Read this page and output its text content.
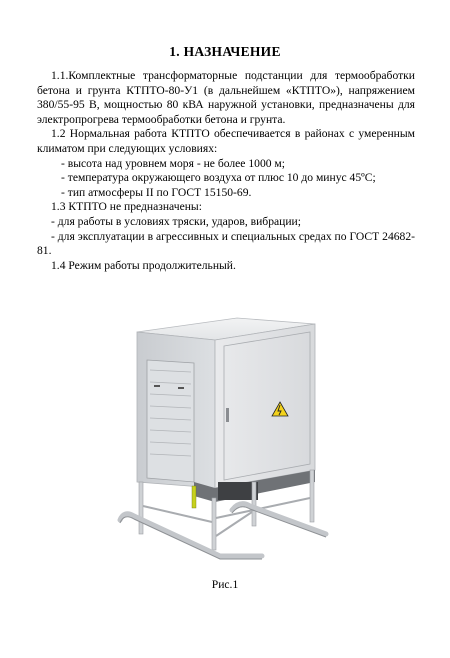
1. НАЗНАЧЕНИЕ

1.1.Комплектные трансформаторные подстанции для термообработки бетона и грунта КТПТО-80-У1 (в дальнейшем «КТПТО»), напряжением 380/55-95 В, мощностью 80 кВА наружной установки, предназначены для электропрогрева термообработки бетона и грунта.

1.2 Нормальная работа КТПТО обеспечивается в районах с умеренным климатом при следующих условиях:

- высота над уровнем моря - не более 1000 м;

- температура окружающего воздуха от плюс 10 до минус 45ºС;

- тип атмосферы II по ГОСТ 15150-69.

1.3 КТПТО не предназначены:

- для работы в условиях тряски, ударов, вибрации;

- для эксплуатации в агрессивных и специальных средах по ГОСТ 24682-81.

1.4 Режим работы продолжительный.

Рис.1
